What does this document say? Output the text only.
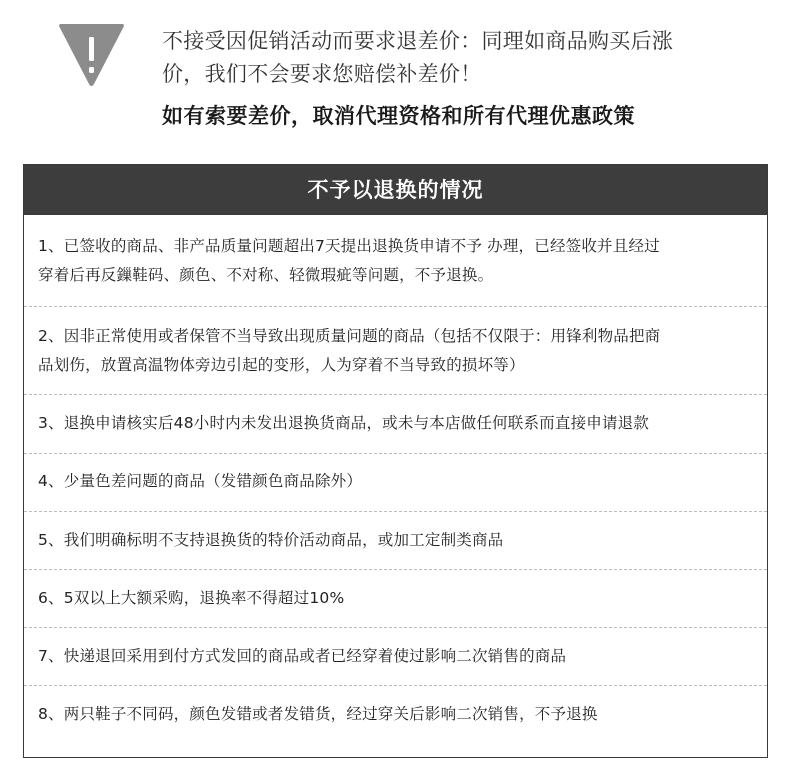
不接受因促销活动而要求退差价：同理如商品购买后涨
价，我们不会要求您赔偿补差价！
如有索要差价，取消代理资格和所有代理优惠政策
不予以退换的情况
1、已签收的商品、非产品质量问题超出7天提出退换货申请不予 办理，已经签收并且经过
穿着后再反鏁鞋码、颜色、不对称、轻微瑕疵等问题，不予退换。
2、因非正常使用或者保管不当导致出现质量问题的商品（包括不仅限于：用锋利物品把商
品划伤，放置高温物体旁边引起的变形，人为穿着不当导致的损坏等）
3、退换申请核实后48小时内未发出退换货商品，或未与本店做任何联系而直接申请退款
4、少量色差问题的商品（发错颜色商品除外）
5、我们明确标明不支持退换货的特价活动商品，或加工定制类商品
6、5双以上大额采购，退换率不得超过10%
7、快递退回采用到付方式发回的商品或者已经穿着使过影响二次销售的商品
8、两只鞋子不同码，颜色发错或者发错货，经过穿关后影响二次销售，不予退换
